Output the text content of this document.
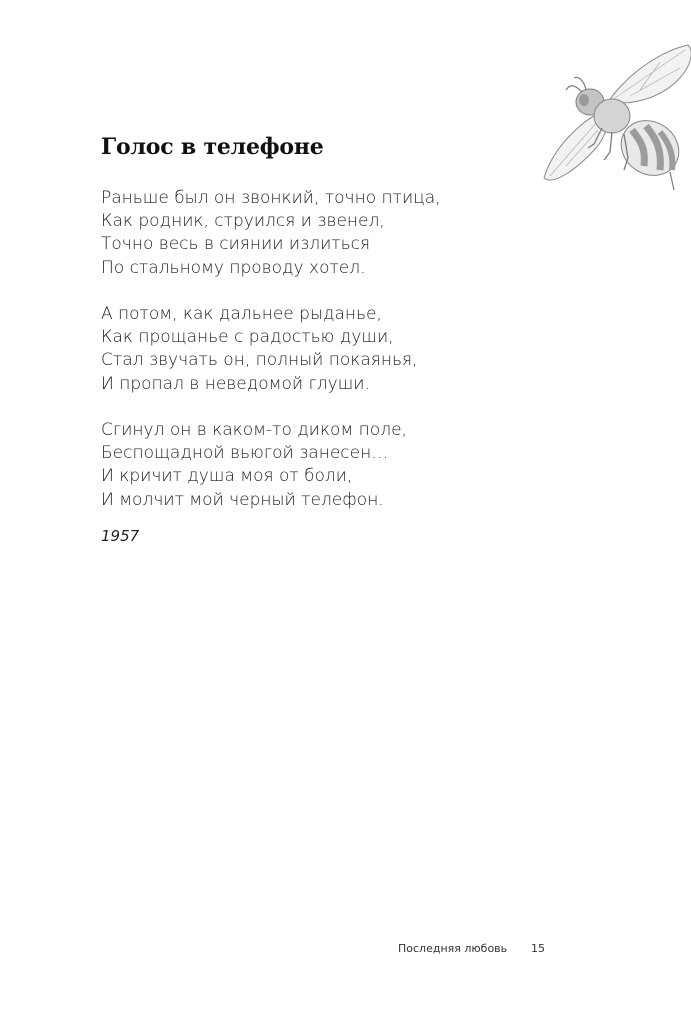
Голос в телефоне
Раньше был он звонкий, точно птица,
Как родник, струился и звенел,
Точно весь в сиянии излиться
По стальному проводу хотел.
А потом, как дальнее рыданье,
Как прощанье с радостью души,
Стал звучать он, полный покаянья,
И пропал в неведомой глуши.
Сгинул он в каком-то диком поле,
Беспощадной вьюгой занесен…
И кричит душа моя от боли,
И молчит мой черный телефон.
1957
Последняя любовь 15
